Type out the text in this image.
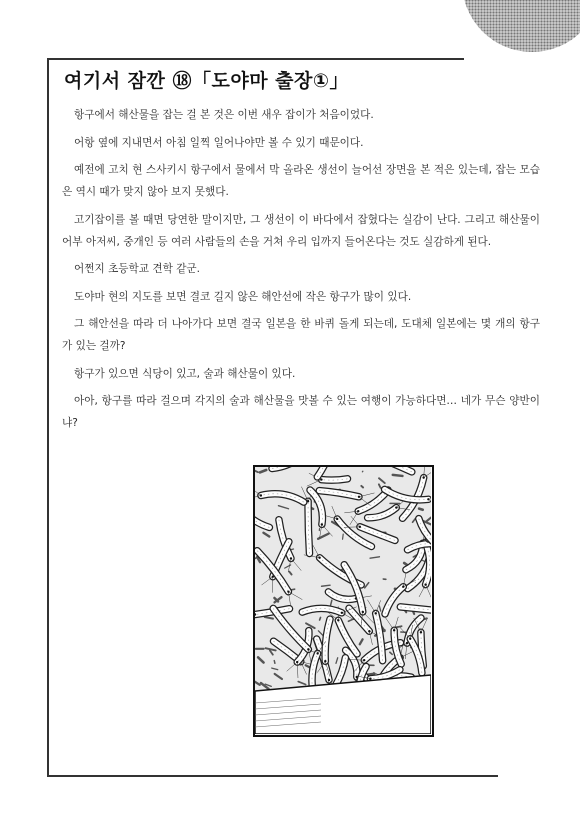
여기서 잠깐 ⑱「도야마 출장①」

항구에서 해산물을 잡는 걸 본 것은 이번 새우 잡이가 처음이었다.

어항 옆에 지내면서 아침 일찍 일어나야만 볼 수 있기 때문이다.

예전에 고치 현 스사키시 항구에서 물에서 막 올라온 생선이 늘어선 장면을 본 적은 있는데, 잡는 모습은 역시 때가 맞지 않아 보지 못했다.

고기잡이를 볼 때면 당연한 말이지만, 그 생선이 이 바다에서 잡혔다는 실감이 난다. 그리고 해산물이 어부 아저씨, 중개인 등 여러 사람들의 손을 거쳐 우리 입까지 들어온다는 것도 실감하게 된다.

어쩐지 초등학교 견학 같군.

도야마 현의 지도를 보면 결코 길지 않은 해안선에 작은 항구가 많이 있다.

그 해안선을 따라 더 나아가다 보면 결국 일본을 한 바퀴 돌게 되는데, 도대체 일본에는 몇 개의 항구가 있는 걸까?

항구가 있으면 식당이 있고, 술과 해산물이 있다.

아아, 항구를 따라 걸으며 각지의 술과 해산물을 맛볼 수 있는 여행이 가능하다면… 네가 무슨 양반이냐?
